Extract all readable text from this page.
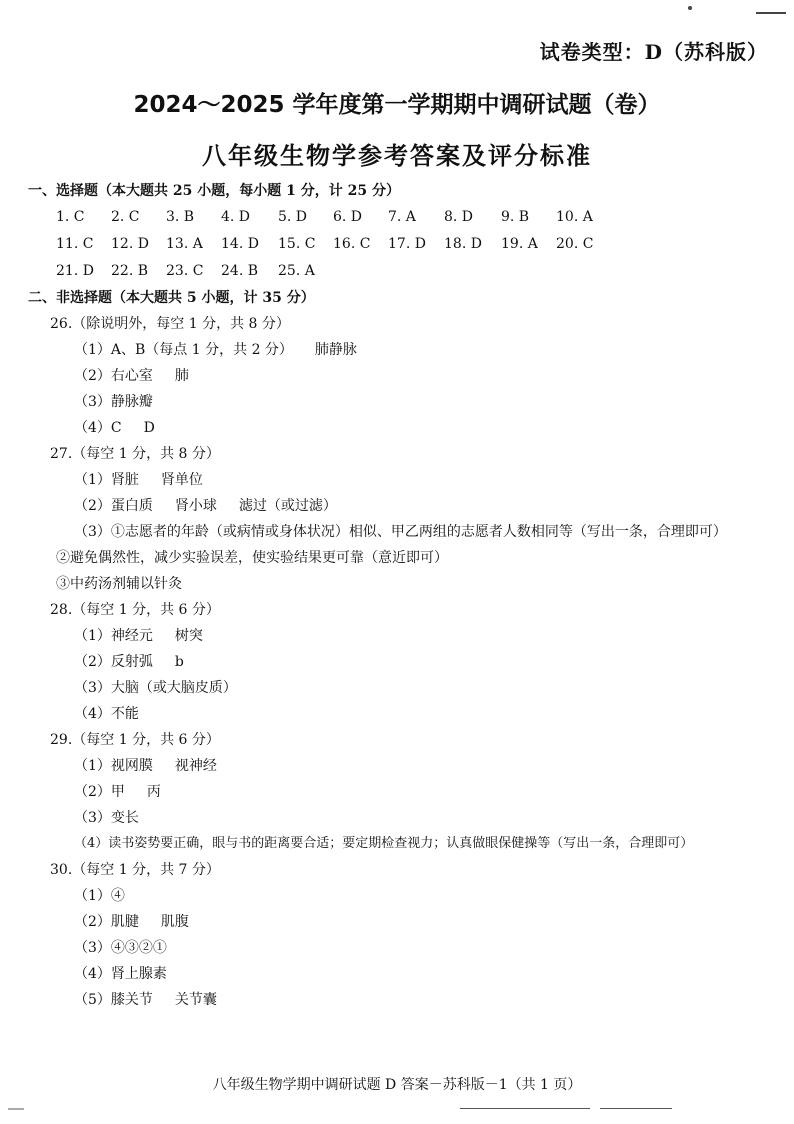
试卷类型：D（苏科版）
2024～2025 学年度第一学期期中调研试题（卷）
八年级生物学参考答案及评分标准
一、选择题（本大题共 25 小题，每小题 1 分，计 25 分）
1. C 2. C 3. B 4. D 5. D 6. D 7. A 8. D 9. B 10. A
11. C 12. D 13. A 14. D 15. C 16. C 17. D 18. D 19. A 20. C
21. D 22. B 23. C 24. B 25. A
二、非选择题（本大题共 5 小题，计 35 分）
26.（除说明外，每空 1 分，共 8 分）
（1）A、B（每点 1 分，共 2 分） 肺静脉
（2）右心室 肺
（3）静脉瓣
（4）C D
27.（每空 1 分，共 8 分）
（1）肾脏 肾单位
（2）蛋白质 肾小球 滤过（或过滤）
（3）①志愿者的年龄（或病情或身体状况）相似、甲乙两组的志愿者人数相同等（写出一条，合理即可）
②避免偶然性，减少实验误差，使实验结果更可靠（意近即可）
③中药汤剂辅以针灸
28.（每空 1 分，共 6 分）
（1）神经元 树突
（2）反射弧 b
（3）大脑（或大脑皮质）
（4）不能
29.（每空 1 分，共 6 分）
（1）视网膜 视神经
（2）甲 丙
（3）变长
（4）读书姿势要正确，眼与书的距离要合适；要定期检查视力；认真做眼保健操等（写出一条，合理即可）
30.（每空 1 分，共 7 分）
（1）④
（2）肌腱 肌腹
（3）④③②①
（4）肾上腺素
（5）膝关节 关节囊
八年级生物学期中调研试题 D 答案－苏科版－1（共 1 页）
